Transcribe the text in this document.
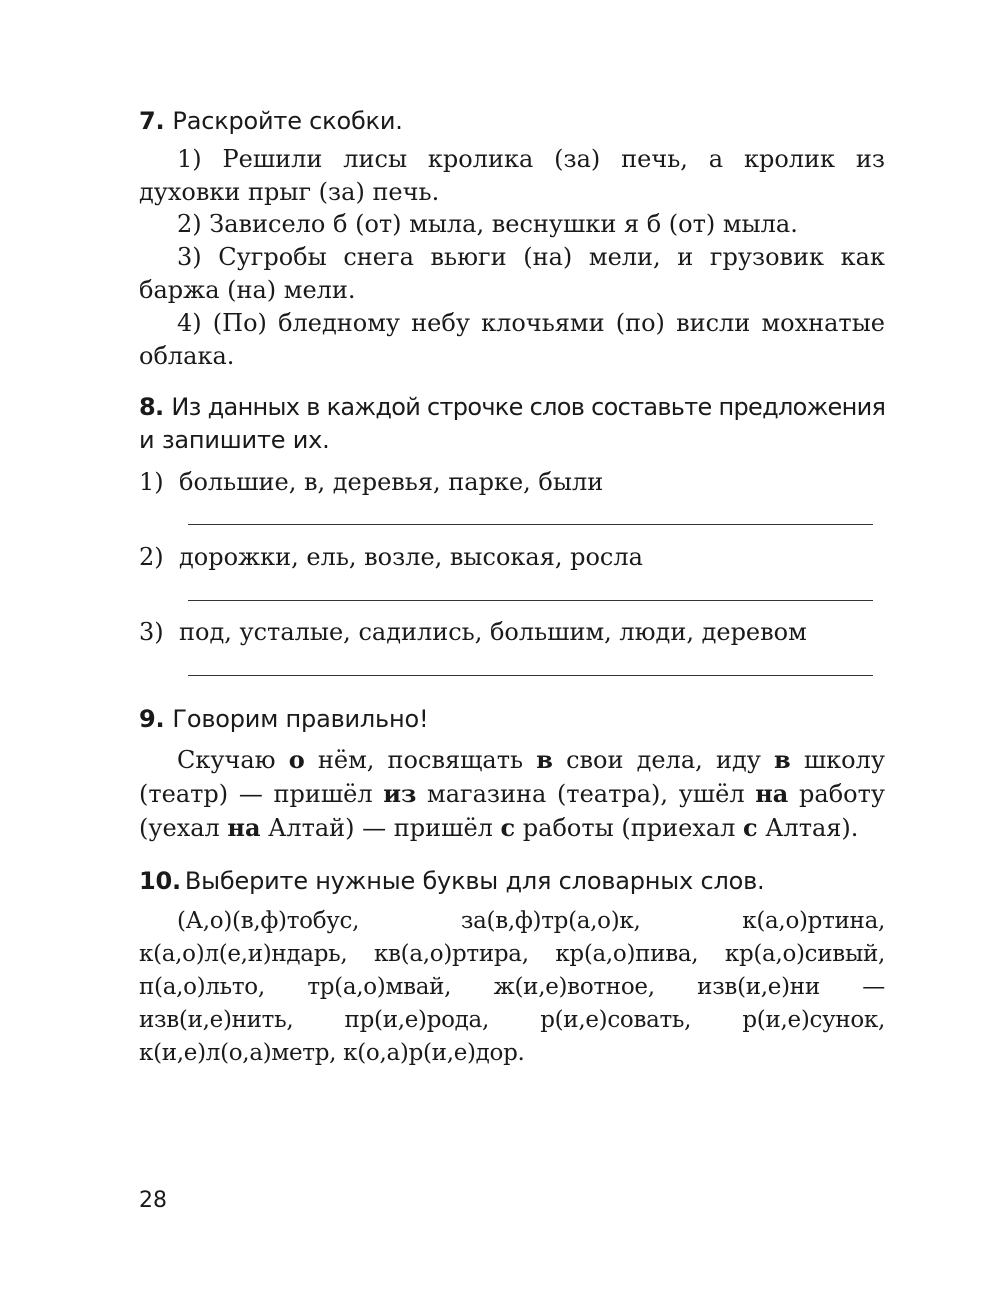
7. Раскройте скобки.

1) Решили лисы кролика (за) печь, а кролик из духовки прыг (за) печь.

2) Зависело б (от) мыла, веснушки я б (от) мыла.

3) Сугробы снега вьюги (на) мели, и грузовик как баржа (на) мели.

4) (По) бледному небу клочьями (по) висли мохнатые облака.

8. Из данных в каждой строчке слов составьте предложения
и запишите их.
1) большие, в, деревья, парке, были
2) дорожки, ель, возле, высокая, росла
3) под, усталые, садились, большим, люди, деревом
9. Говорим правильно!

Скучаю о нём, посвящать в свои дела, иду в школу (театр) — пришёл из магазина (театра), ушёл на работу (уехал на Алтай) — пришёл с работы (приехал с Алтая).

10. Выберите нужные буквы для словарных слов.

(А,о)(в,ф)тобус, за(в,ф)тр(а,о)к, к(а,о)ртина, к(а,о)л(е,и)ндарь, кв(а,о)ртира, кр(а,о)пива, кр(а,о)сивый, п(а,о)льто, тр(а,о)мвай, ж(и,е)вотное, изв(и,е)ни — изв(и,е)нить, пр(и,е)рода, р(и,е)совать, р(и,е)сунок, к(и,е)л(о,а)метр, к(о,а)р(и,е)дор.

28
